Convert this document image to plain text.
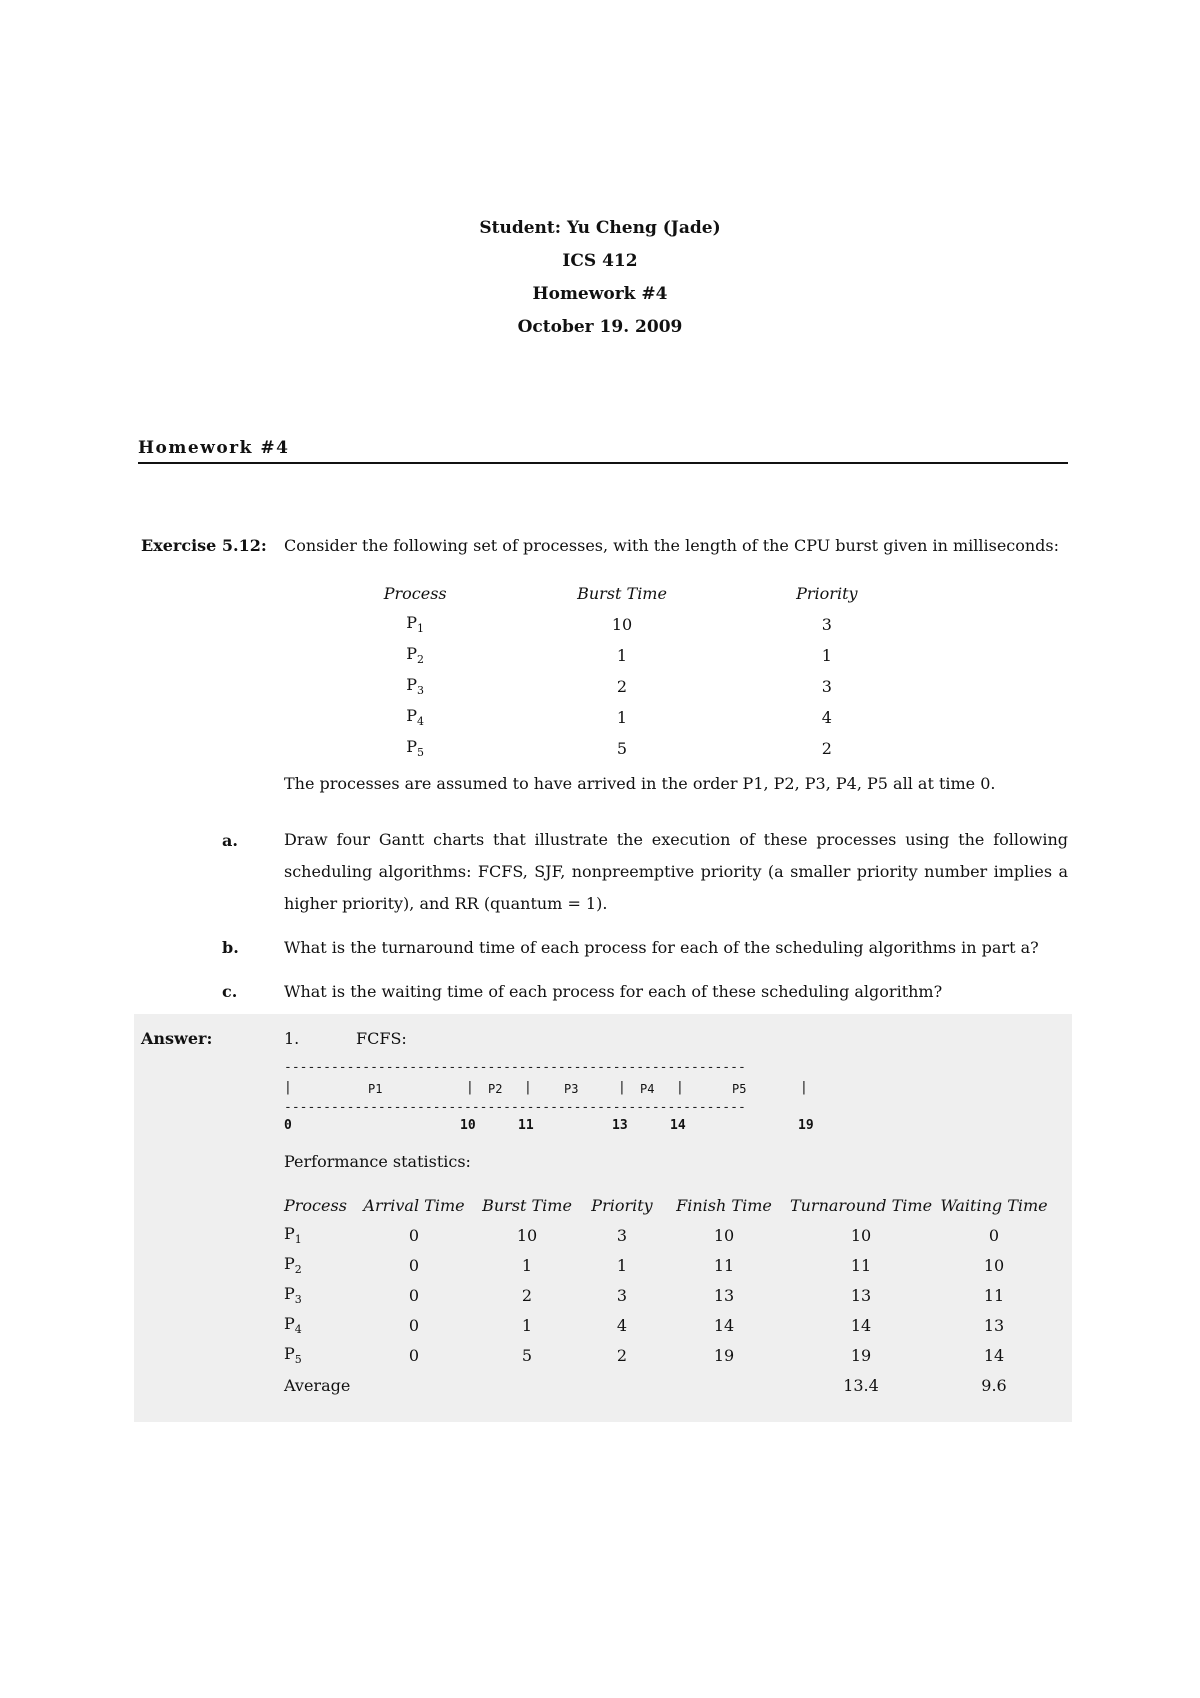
Student: Yu Cheng (Jade)
ICS 412
Homework #4
October 19. 2009
Homework #4
Exercise 5.12: Consider the following set of processes, with the length of the CPU burst given in milliseconds:
Process	Burst Time	Priority
$P_1$	10	3
$P_2$	1	1
$P_3$	2	3
$P_4$	1	4
$P_5$	5	2
The processes are assumed to have arrived in the order P1, P2, P3, P4, P5 all at time 0.
a.	Draw four Gantt charts that illustrate the execution of these processes using the following scheduling algorithms: FCFS, SJF, nonpreemptive priority (a smaller priority number implies a higher priority), and RR (quantum = 1).
b.	What is the turnaround time of each process for each of the scheduling algorithms in part a?
c.	What is the waiting time of each process for each of these scheduling algorithm?
Answer:	1.	FCFS:
-----------------------------------------------------------
|	P1	| P2 |	P3	| P4 |	P5	|
-----------------------------------------------------------
0	10	11	13	14	19
Performance statistics:
Process	Arrival Time	Burst Time	Priority	Finish Time	Turnaround Time	Waiting Time
$P_1$	0	10	3	10	10	0
$P_2$	0	1	1	11	11	10
$P_3$	0	2	3	13	13	11
$P_4$	0	1	4	14	14	13
$P_5$	0	5	2	19	19	14
Average					13.4	9.6
